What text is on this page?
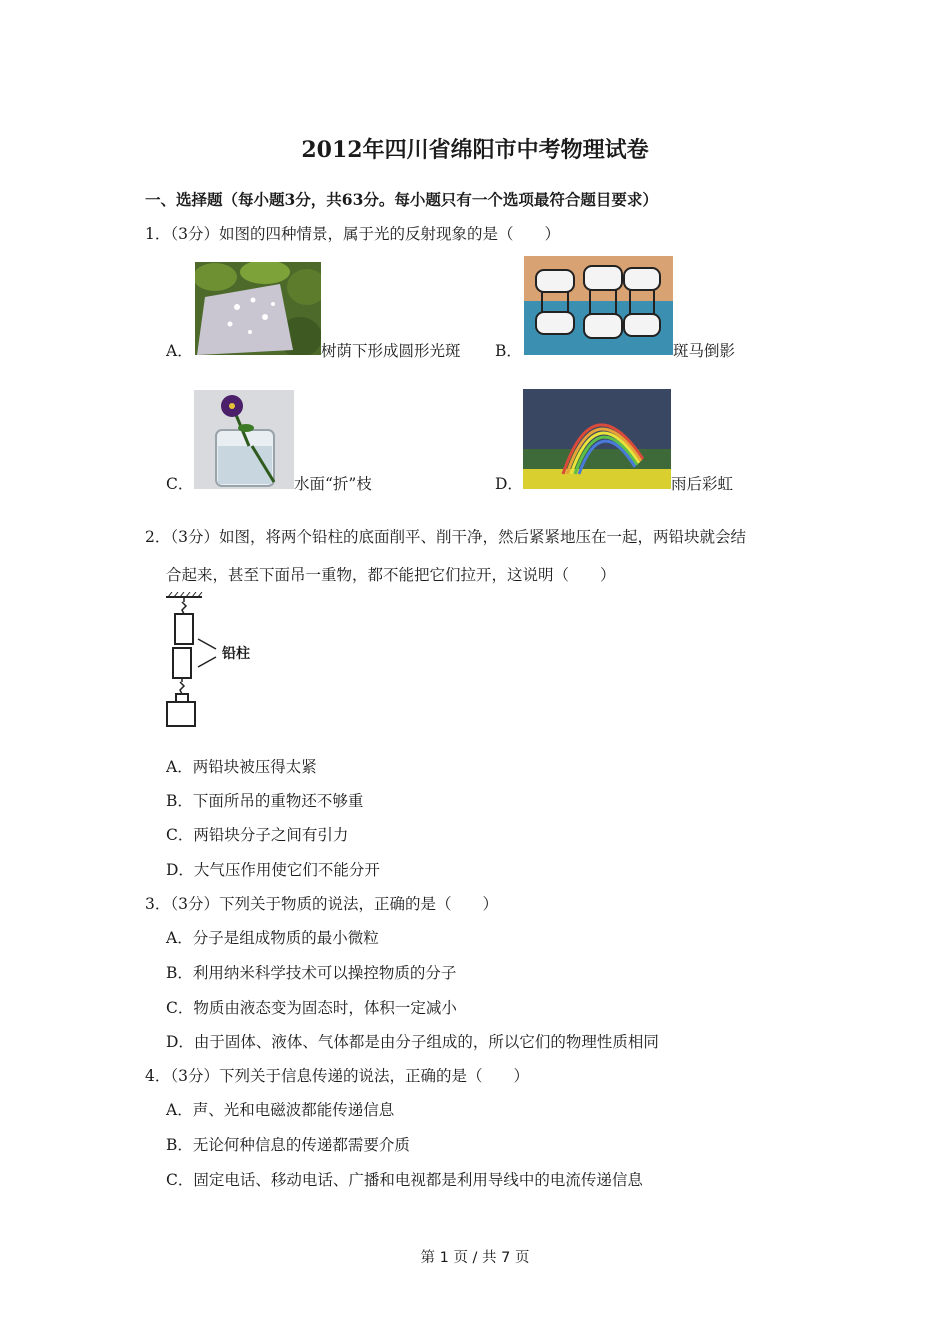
2012年四川省绵阳市中考物理试卷
一、选择题（每小题3分，共63分。每小题只有一个选项最符合题目要求）
1．（3分）如图的四种情景，属于光的反射现象的是（　　）
A．	树荫下形成圆形光斑 B．	斑马倒影
C．	水面“折”枝	D．	雨后彩虹
2．（3分）如图，将两个铅柱的底面削平、削干净，然后紧紧地压在一起，两铅块就会结
合起来，甚至下面吊一重物，都不能把它们拉开，这说明（　　）
铅柱
A．两铅块被压得太紧
B．下面所吊的重物还不够重
C．两铅块分子之间有引力
D．大气压作用使它们不能分开
3．（3分）下列关于物质的说法，正确的是（　　）
A．分子是组成物质的最小微粒
B．利用纳米科学技术可以操控物质的分子
C．物质由液态变为固态时，体积一定减小
D．由于固体、液体、气体都是由分子组成的，所以它们的物理性质相同
4．（3分）下列关于信息传递的说法，正确的是（　　）
A．声、光和电磁波都能传递信息
B．无论何种信息的传递都需要介质
C．固定电话、移动电话、广播和电视都是利用导线中的电流传递信息
第 1 页 / 共 7 页
